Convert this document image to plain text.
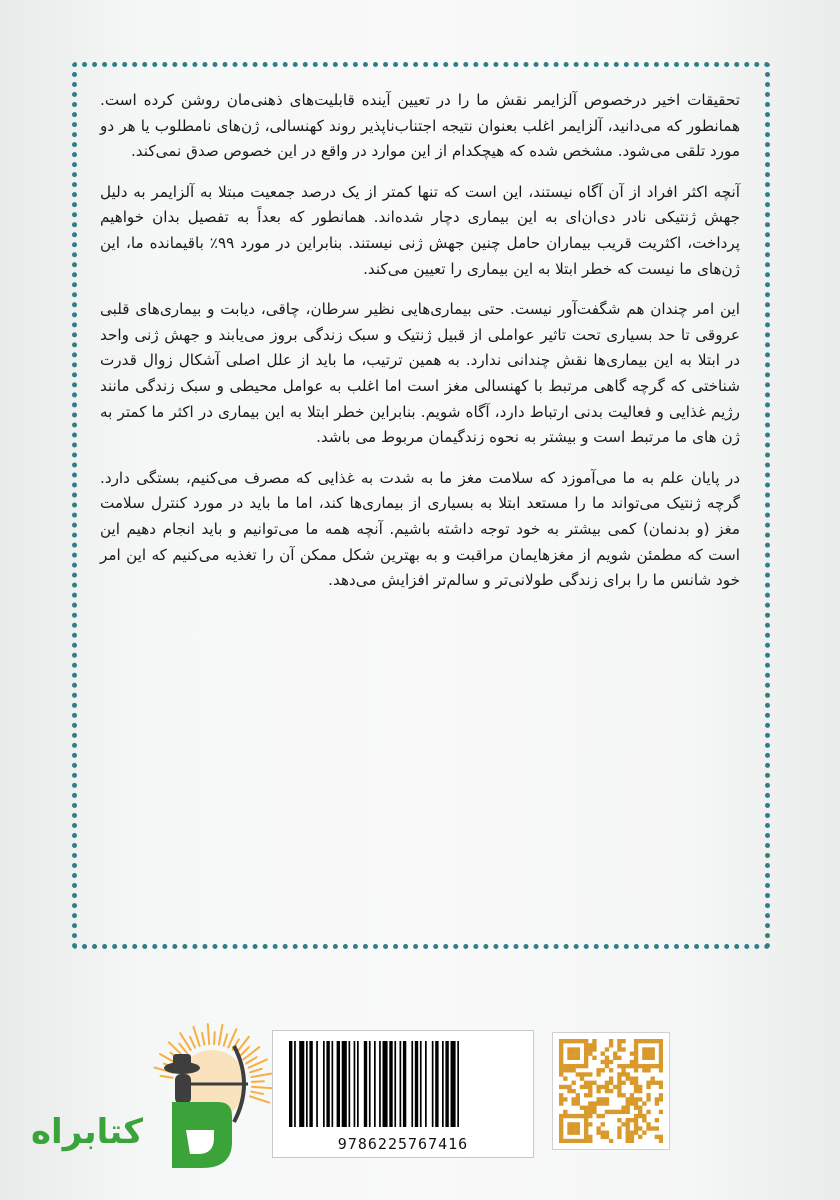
تحقیقات اخیر درخصوص آلزایمر نقش ما را در تعیین آینده قابلیت‌های ذهنی‌مان روشن کرده است. همانطور که می‌دانید، آلزایمر اغلب بعنوان نتیجه اجتناب‌ناپذیر روند کهنسالی، ژن‌های نامطلوب یا هر دو مورد تلقی می‌شود. مشخص شده که هیچکدام از این موارد در واقع در این خصوص صدق نمی‌کند.

آنچه اکثر افراد از آن آگاه نیستند، این است که تنها کمتر از یک درصد جمعیت مبتلا به آلزایمر به دلیل جهش ژنتیکی نادر دی‌ان‌ای به این بیماری دچار شده‌اند. همانطور که بعداً به تفصیل بدان خواهیم پرداخت، اکثریت قریب بیماران حامل چنین جهش ژنی نیستند. بنابراین در مورد ۹۹٪ باقیمانده ما، این ژن‌های ما نیست که خطر ابتلا به این بیماری را تعیین می‌کند.

این امر چندان هم شگفت‌آور نیست. حتی بیماری‌هایی نظیر سرطان، چاقی، دیابت و بیماری‌های قلبی عروقی تا حد بسیاری تحت تاثیر عواملی از قبیل ژنتیک و سبک زندگی بروز می‌یابند و جهش ژنی واحد در ابتلا به این بیماری‌ها نقش چندانی ندارد. به همین ترتیب، ما باید از علل اصلی آشکال زوال قدرت شناختی که گرچه گاهی مرتبط با کهنسالی مغز است اما اغلب به عوامل محیطی و سبک زندگی مانند رژیم غذایی و فعالیت بدنی ارتباط دارد، آگاه شویم. بنابراین خطر ابتلا به این بیماری در اکثر ما کمتر به ژن های ما مرتبط است و بیشتر به نحوه زندگیمان مربوط می باشد.

در پایان علم به ما می‌آموزد که سلامت مغز ما به شدت به غذایی که مصرف می‌کنیم، بستگی دارد. گرچه ژنتیک می‌تواند ما را مستعد ابتلا به بسیاری از بیماری‌ها کند، اما ما باید در مورد کنترل سلامت مغز (و بدنمان) کمی بیشتر به خود توجه داشته باشیم. آنچه همه ما می‌توانیم و باید انجام دهیم این است که مطمئن شویم از مغزهایمان مراقبت و به بهترین شکل ممکن آن را تغذیه می‌کنیم که این امر خود شانس ما را برای زندگی طولانی‌تر و سالم‌تر افزایش می‌دهد.

کتابراه	9786225767416
